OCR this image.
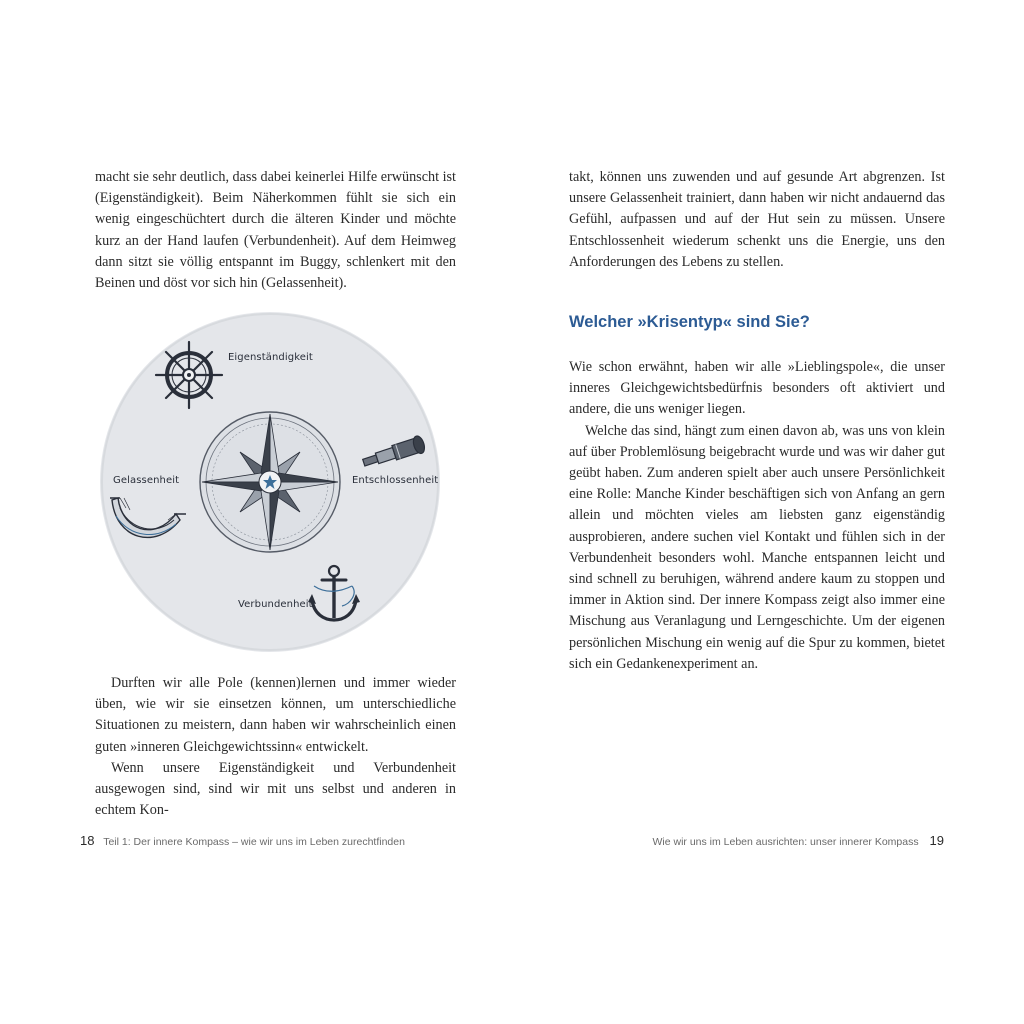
macht sie sehr deutlich, dass dabei keinerlei Hilfe erwünscht ist (Eigenständigkeit). Beim Näherkommen fühlt sie sich ein wenig eingeschüchtert durch die älteren Kinder und möchte kurz an der Hand laufen (Verbundenheit). Auf dem Heimweg dann sitzt sie völlig entspannt im Buggy, schlenkert mit den Beinen und döst vor sich hin (Gelassenheit).

Eigenständigkeit
Entschlossenheit
Gelassenheit
Verbundenheit

Durften wir alle Pole (kennen)lernen und immer wieder üben, wie wir sie einsetzen können, um unterschiedliche Situationen zu meistern, dann haben wir wahrscheinlich einen guten »inneren Gleichgewichtssinn« entwickelt.

Wenn unsere Eigenständigkeit und Verbundenheit ausgewogen sind, sind wir mit uns selbst und anderen in echtem Kon-

18 Teil 1: Der innere Kompass – wie wir uns im Leben zurechtfinden

takt, können uns zuwenden und auf gesunde Art abgrenzen. Ist unsere Gelassenheit trainiert, dann haben wir nicht andauernd das Gefühl, aufpassen und auf der Hut sein zu müssen. Unsere Entschlossenheit wiederum schenkt uns die Energie, uns den Anforderungen des Lebens zu stellen.

Welcher »Krisentyp« sind Sie?

Wie schon erwähnt, haben wir alle »Lieblingspole«, die unser inneres Gleichgewichtsbedürfnis besonders oft aktiviert und andere, die uns weniger liegen.

Welche das sind, hängt zum einen davon ab, was uns von klein auf über Problemlösung beigebracht wurde und was wir daher gut geübt haben. Zum anderen spielt aber auch unsere Persönlichkeit eine Rolle: Manche Kinder beschäftigen sich von Anfang an gern allein und möchten vieles am liebsten ganz eigenständig ausprobieren, andere suchen viel Kontakt und fühlen sich in der Verbundenheit besonders wohl. Manche entspannen leicht und sind schnell zu beruhigen, während andere kaum zu stoppen und immer in Aktion sind. Der innere Kompass zeigt also immer eine Mischung aus Veranlagung und Lerngeschichte. Um der eigenen persönlichen Mischung ein wenig auf die Spur zu kommen, bietet sich ein Gedankenexperiment an.

Wie wir uns im Leben ausrichten: unser innerer Kompass 19
